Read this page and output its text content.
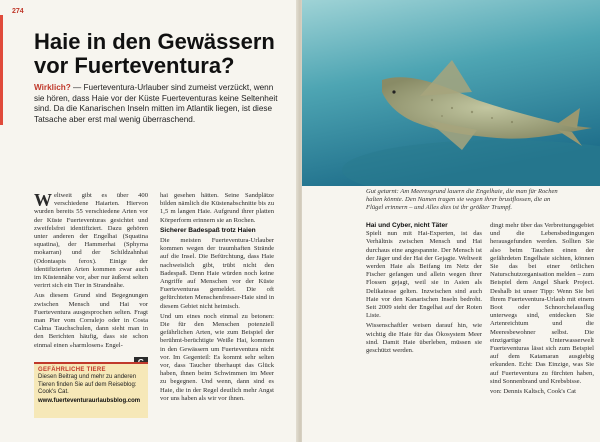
274
Haie in den Gewässern vor Fuerteventura?
Wirklich? — Fuerteventura-Urlauber sind zumeist verzückt, wenn sie hören, dass Haie vor der Küste Fuerteventuras keine Seltenheit sind. Da die Kanarischen Inseln mitten im Atlantik liegen, ist diese Tatsache aber erst mal wenig überraschend.

Weltweit gibt es über 400 verschiedene Haiarten. Hiervon wurden bereits 55 verschiedene Arten vor der Küste Fuerteventuras gesichtet und zweifelsfrei identifiziert. Dazu gehören unter anderen der Engelhai (Squatina squatina), der Hammerhai (Sphyrna mokarran) und der Schildzahnhai (Odontaspis ferox). Einige der identifizierten Arten kommen zwar auch im Küstennähe vor, aber nur äußerst selten verirrt sich ein Tier in Strandnähe.

Aus diesem Grund sind Begegnungen zwischen Mensch und Hai vor Fuerteventura ausgesprochen selten. Fragt man Pier vom Corralejo oder in Costa Calma Tauchschulen, dann sieht man in den Berichten häufig, dass sie schon einmal einen »harmlosen« Engel-

hai gesehen hätten. Seine Sandplätze bilden nämlich die Küstenabschnitte bis zu 1,5 m langen Haie. Aufgrund ihrer platten Körperform erinnern sie an Rochen.

Sicherer Badespaß trotz Haien

Die meisten Fuerteventura-Urlauber kommen wegen der traumhaften Strände auf die Insel. Die Befürchtung, dass Haie nachweislich gibt, trübt nicht den Badespaß. Denn Haie würden noch keine Angriffe auf Menschen vor der Küste Fuerteventuras gemeldet. Die oft gefürchteten Menschenfresser-Haie sind in diesem Gebiet nicht heimisch.

Und um eines noch einmal zu betonen: Die für den Menschen potenziell gefährlichen Arten, wie zum Beispiel der berühmt-berüchtigte Weiße Hai, kommen in den Gewässern um Fuerteventura nicht vor. Im Gegenteil: Es kommt sehr selten vor, dass Taucher überhaupt das Glück haben, ihnen beim Schwimmen im Meer zu begegnen. Und wenn, dann sind es Haie, die in der Regel deutlich mehr Angst vor uns haben als wir vor ihnen.

GEFÄHRLICHE TIERE
Diesen Beitrag und mehr zu anderen Tieren finden Sie auf dem Reiseblog: Cook's Cat.
www.fuerteventuraurlaubsblog.com
Gut getarnt: Am Meeresgrund lauern die Engelhaie, die man für Rochen halten könnte. Den Namen tragen sie wegen ihrer brustflossen, die an Flügel erinnern – und Alles dies ist ihr größter Trumpf.
Hai und Cyber, nicht Täter

Spielt nun mit Hai-Experten, ist das Verhältnis zwischen Mensch und Hai durchaus eine angespannte. Der Mensch ist der Jäger und der Hai der Gejagte. Weltweit werden Haie als Beifang im Netz der Fischer gefangen und allein wegen ihrer Flossen gejagt, weil sie in Asien als Delikatesse gelten. Inzwischen sind auch Haie vor den Kanarischen Inseln bedroht. Seit 2009 steht der Engelhai auf der Roten Liste.

Wissenschaftler weisen darauf hin, wie wichtig die Haie für das Ökosystem Meer sind. Damit Haie überleben, müssen sie geschützt werden.

dingt mehr über das Verbreitungsgebiet und die Lebensbedingungen herausgefunden werden. Sollten Sie also beim Tauchen einen der gefährdeten Engelhaie sichten, können Sie das bei einer örtlichen Naturschutzorganisation melden – zum Beispiel dem Angel Shark Project. Deshalb ist unser Tipp: Wenn Sie bei Ihrem Fuerteventura-Urlaub mit einem Boot oder Schnorchelausflug unterwegs sind, entdecken Sie Artenreichtum und die Meeresbewohner selbst. Die einzigartige Unterwasserwelt Fuerteventuras lässt sich zum Beispiel auf dem Katamaran ausgiebig erkunden. Echt: Das Einzige, was Sie auf Fuerteventura zu fürchten haben, sind Sonnenbrand und Krebsbisse.

von: Dennis Kaltsch, Cook's Cat
